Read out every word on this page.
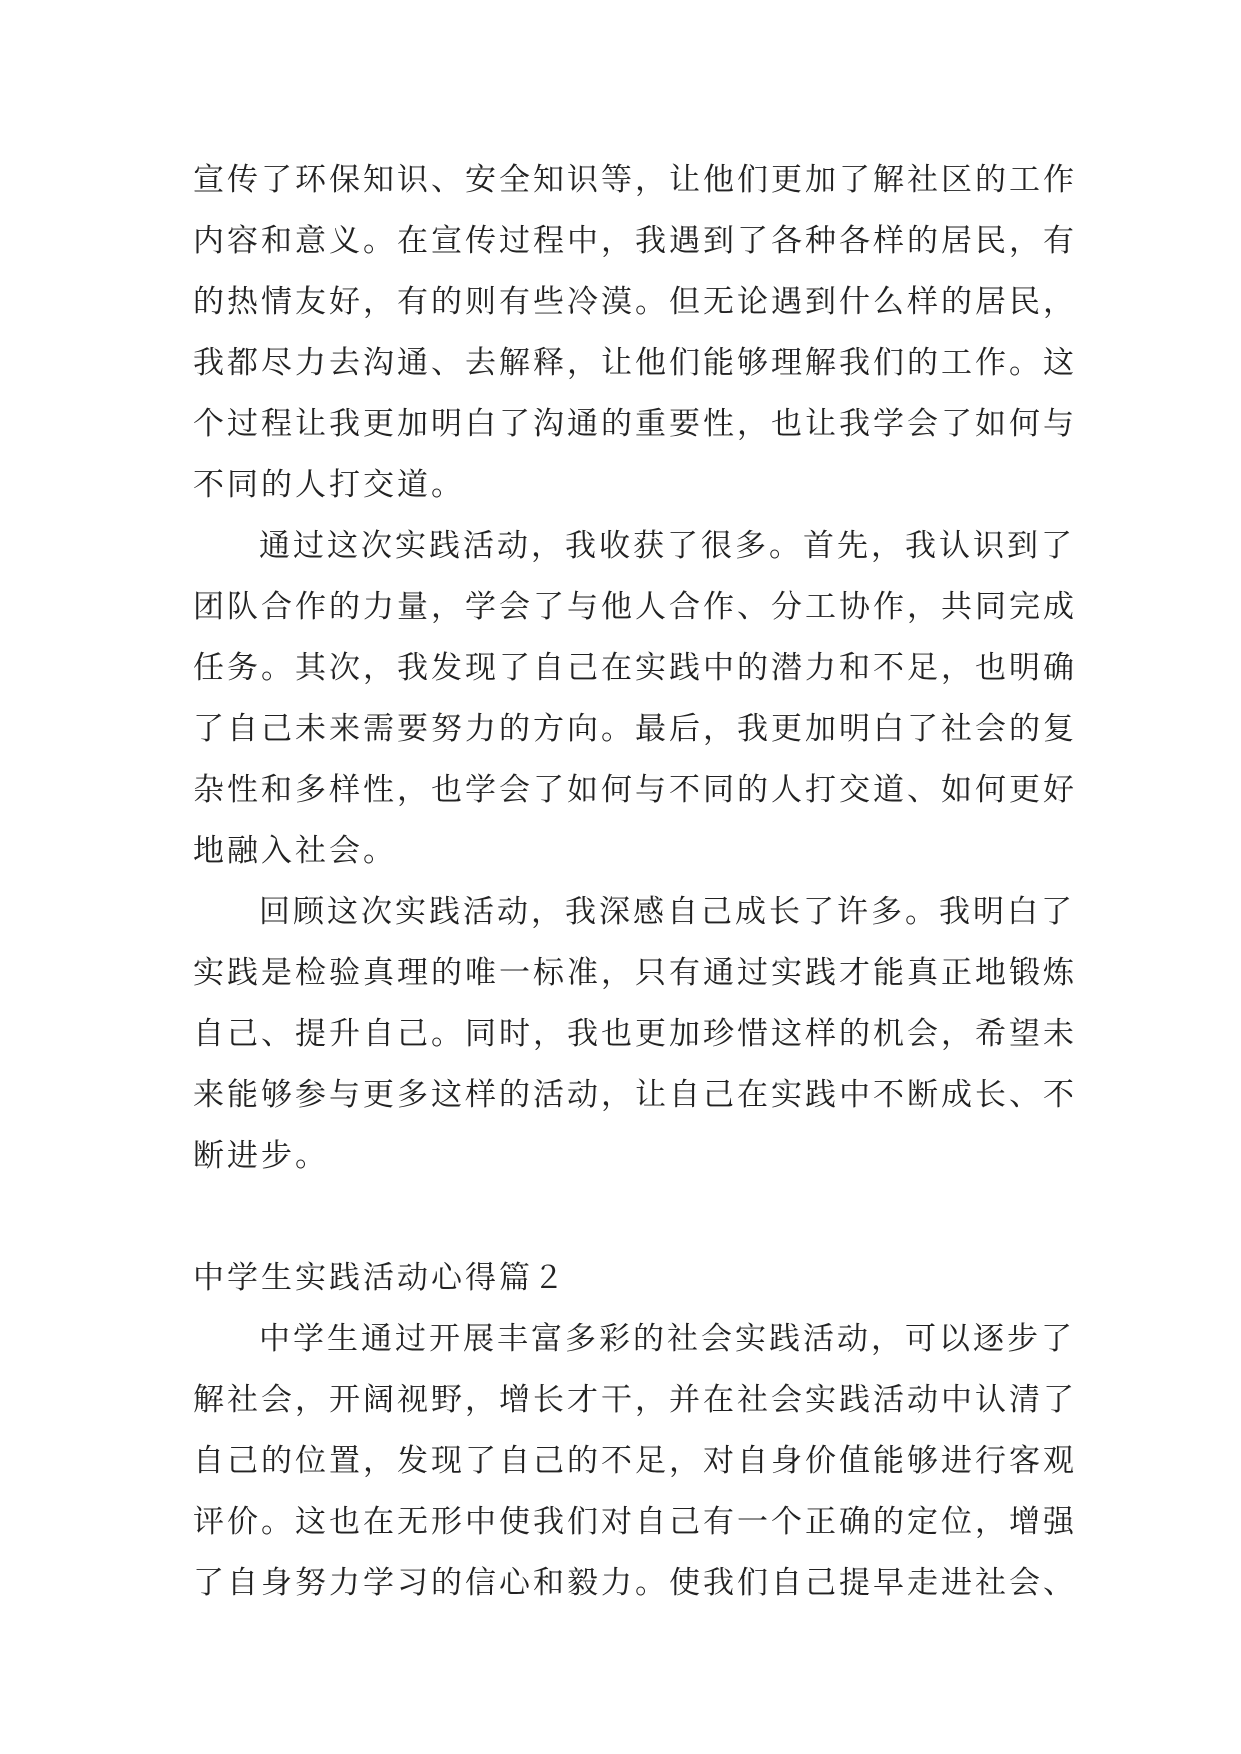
宣传了环保知识、安全知识等，让他们更加了解社区的工作
内容和意义。在宣传过程中，我遇到了各种各样的居民，有
的热情友好，有的则有些冷漠。但无论遇到什么样的居民，
我都尽力去沟通、去解释，让他们能够理解我们的工作。这
个过程让我更加明白了沟通的重要性，也让我学会了如何与
不同的人打交道。
通过这次实践活动，我收获了很多。首先，我认识到了
团队合作的力量，学会了与他人合作、分工协作，共同完成
任务。其次，我发现了自己在实践中的潜力和不足，也明确
了自己未来需要努力的方向。最后，我更加明白了社会的复
杂性和多样性，也学会了如何与不同的人打交道、如何更好
地融入社会。
回顾这次实践活动，我深感自己成长了许多。我明白了
实践是检验真理的唯一标准，只有通过实践才能真正地锻炼
自己、提升自己。同时，我也更加珍惜这样的机会，希望未
来能够参与更多这样的活动，让自己在实践中不断成长、不
断进步。
中学生实践活动心得篇２
中学生通过开展丰富多彩的社会实践活动，可以逐步了
解社会，开阔视野，增长才干，并在社会实践活动中认清了
自己的位置，发现了自己的不足，对自身价值能够进行客观
评价。这也在无形中使我们对自己有一个正确的定位，增强
了自身努力学习的信心和毅力。使我们自己提早走进社会、
